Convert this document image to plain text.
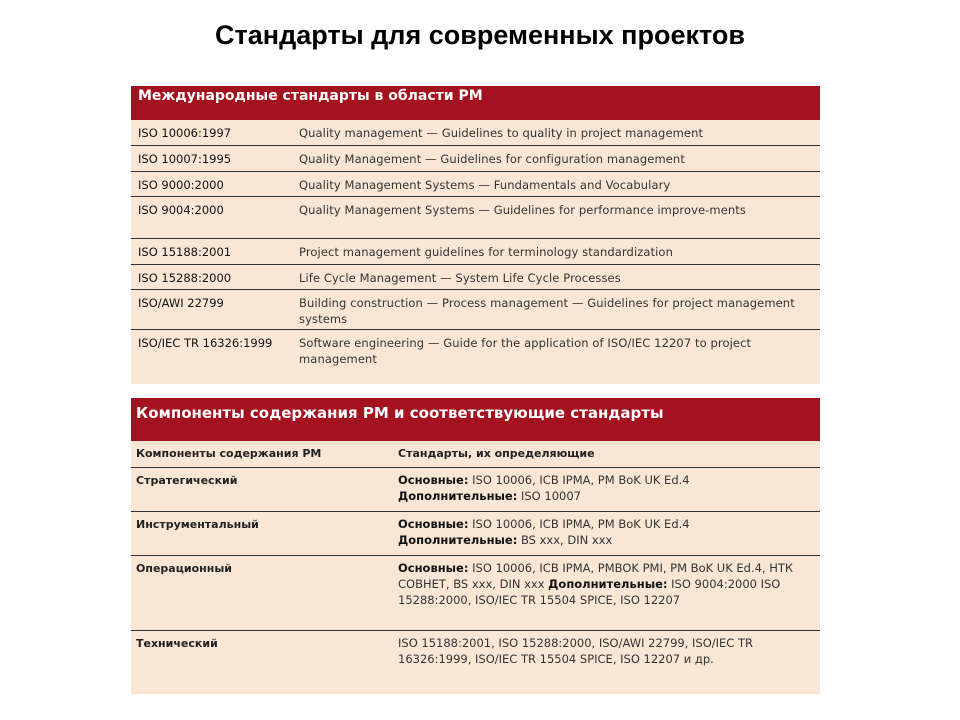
Стандарты для современных проектов
Международные стандарты в области РМ
ISO 10006:1997	Quality management — Guidelines to quality in project management
ISO 10007:1995	Quality Management — Guidelines for configuration management
ISO 9000:2000	Quality Management Systems — Fundamentals and Vocabulary
ISO 9004:2000	Quality Management Systems — Guidelines for performance improve-ments
ISO 15188:2001	Project management guidelines for terminology standardization
ISO 15288:2000	Life Cycle Management — System Life Cycle Processes
ISO/AWI 22799	Building construction — Process management — Guidelines for project management systems
ISO/IEC TR 16326:1999	Software engineering — Guide for the application of ISO/IEC 12207 to project management
Компоненты содержания РМ и соответствующие стандарты
Компоненты содержания РМ	Стандарты, их определяющие
Стратегический	Основные: ISO 10006, ICB IPMA, PM BoK UK Ed.4
Дополнительные: ISO 10007
Инструментальный	Основные: ISO 10006, ICB IPMA, PM BoK UK Ed.4
Дополнительные: BS xxx, DIN xxx
Операционный	Основные: ISO 10006, ICB IPMA, PMBOK PMI, PM BoK UK Ed.4, НТК СОВНЕТ, BS xxx, DIN xxx Дополнительные: ISO 9004:2000 ISO 15288:2000, ISO/IEC TR 15504 SPICE, ISO 12207
Технический	ISO 15188:2001, ISO 15288:2000, ISO/AWI 22799, ISO/IEC TR 16326:1999, ISO/IEC TR 15504 SPICE, ISO 12207 и др.
